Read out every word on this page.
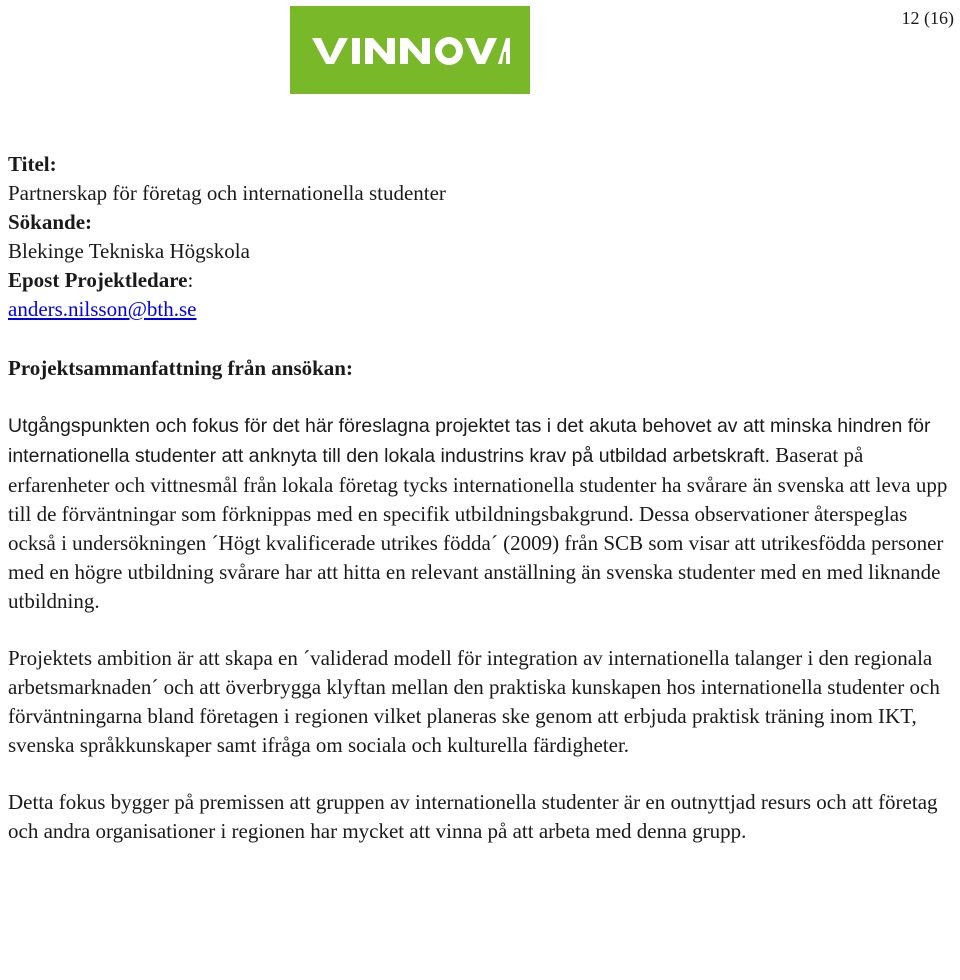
12 (16)
Titel:
Partnerskap för företag och internationella studenter
Sökande:
Blekinge Tekniska Högskola
Epost Projektledare:
anders.nilsson@bth.se
Projektsammanfattning från ansökan:

Utgångspunkten och fokus för det här föreslagna projektet tas i det akuta behovet av att minska hindren för internationella studenter att anknyta till den lokala industrins krav på utbildad arbetskraft. Baserat på erfarenheter och vittnesmål från lokala företag tycks internationella studenter ha svårare än svenska att leva upp till de förväntningar som förknippas med en specifik utbildningsbakgrund. Dessa observationer återspeglas också i undersökningen ´Högt kvalificerade utrikes födda´ (2009) från SCB som visar att utrikesfödda personer med en högre utbildning svårare har att hitta en relevant anställning än svenska studenter med en med liknande utbildning.

Projektets ambition är att skapa en ´validerad modell för integration av internationella talanger i den regionala arbetsmarknaden´ och att överbrygga klyftan mellan den praktiska kunskapen hos internationella studenter och förväntningarna bland företagen i regionen vilket planeras ske genom att erbjuda praktisk träning inom IKT, svenska språkkunskaper samt ifråga om sociala och kulturella färdigheter.

Detta fokus bygger på premissen att gruppen av internationella studenter är en outnyttjad resurs och att företag och andra organisationer i regionen har mycket att vinna på att arbeta med denna grupp.
